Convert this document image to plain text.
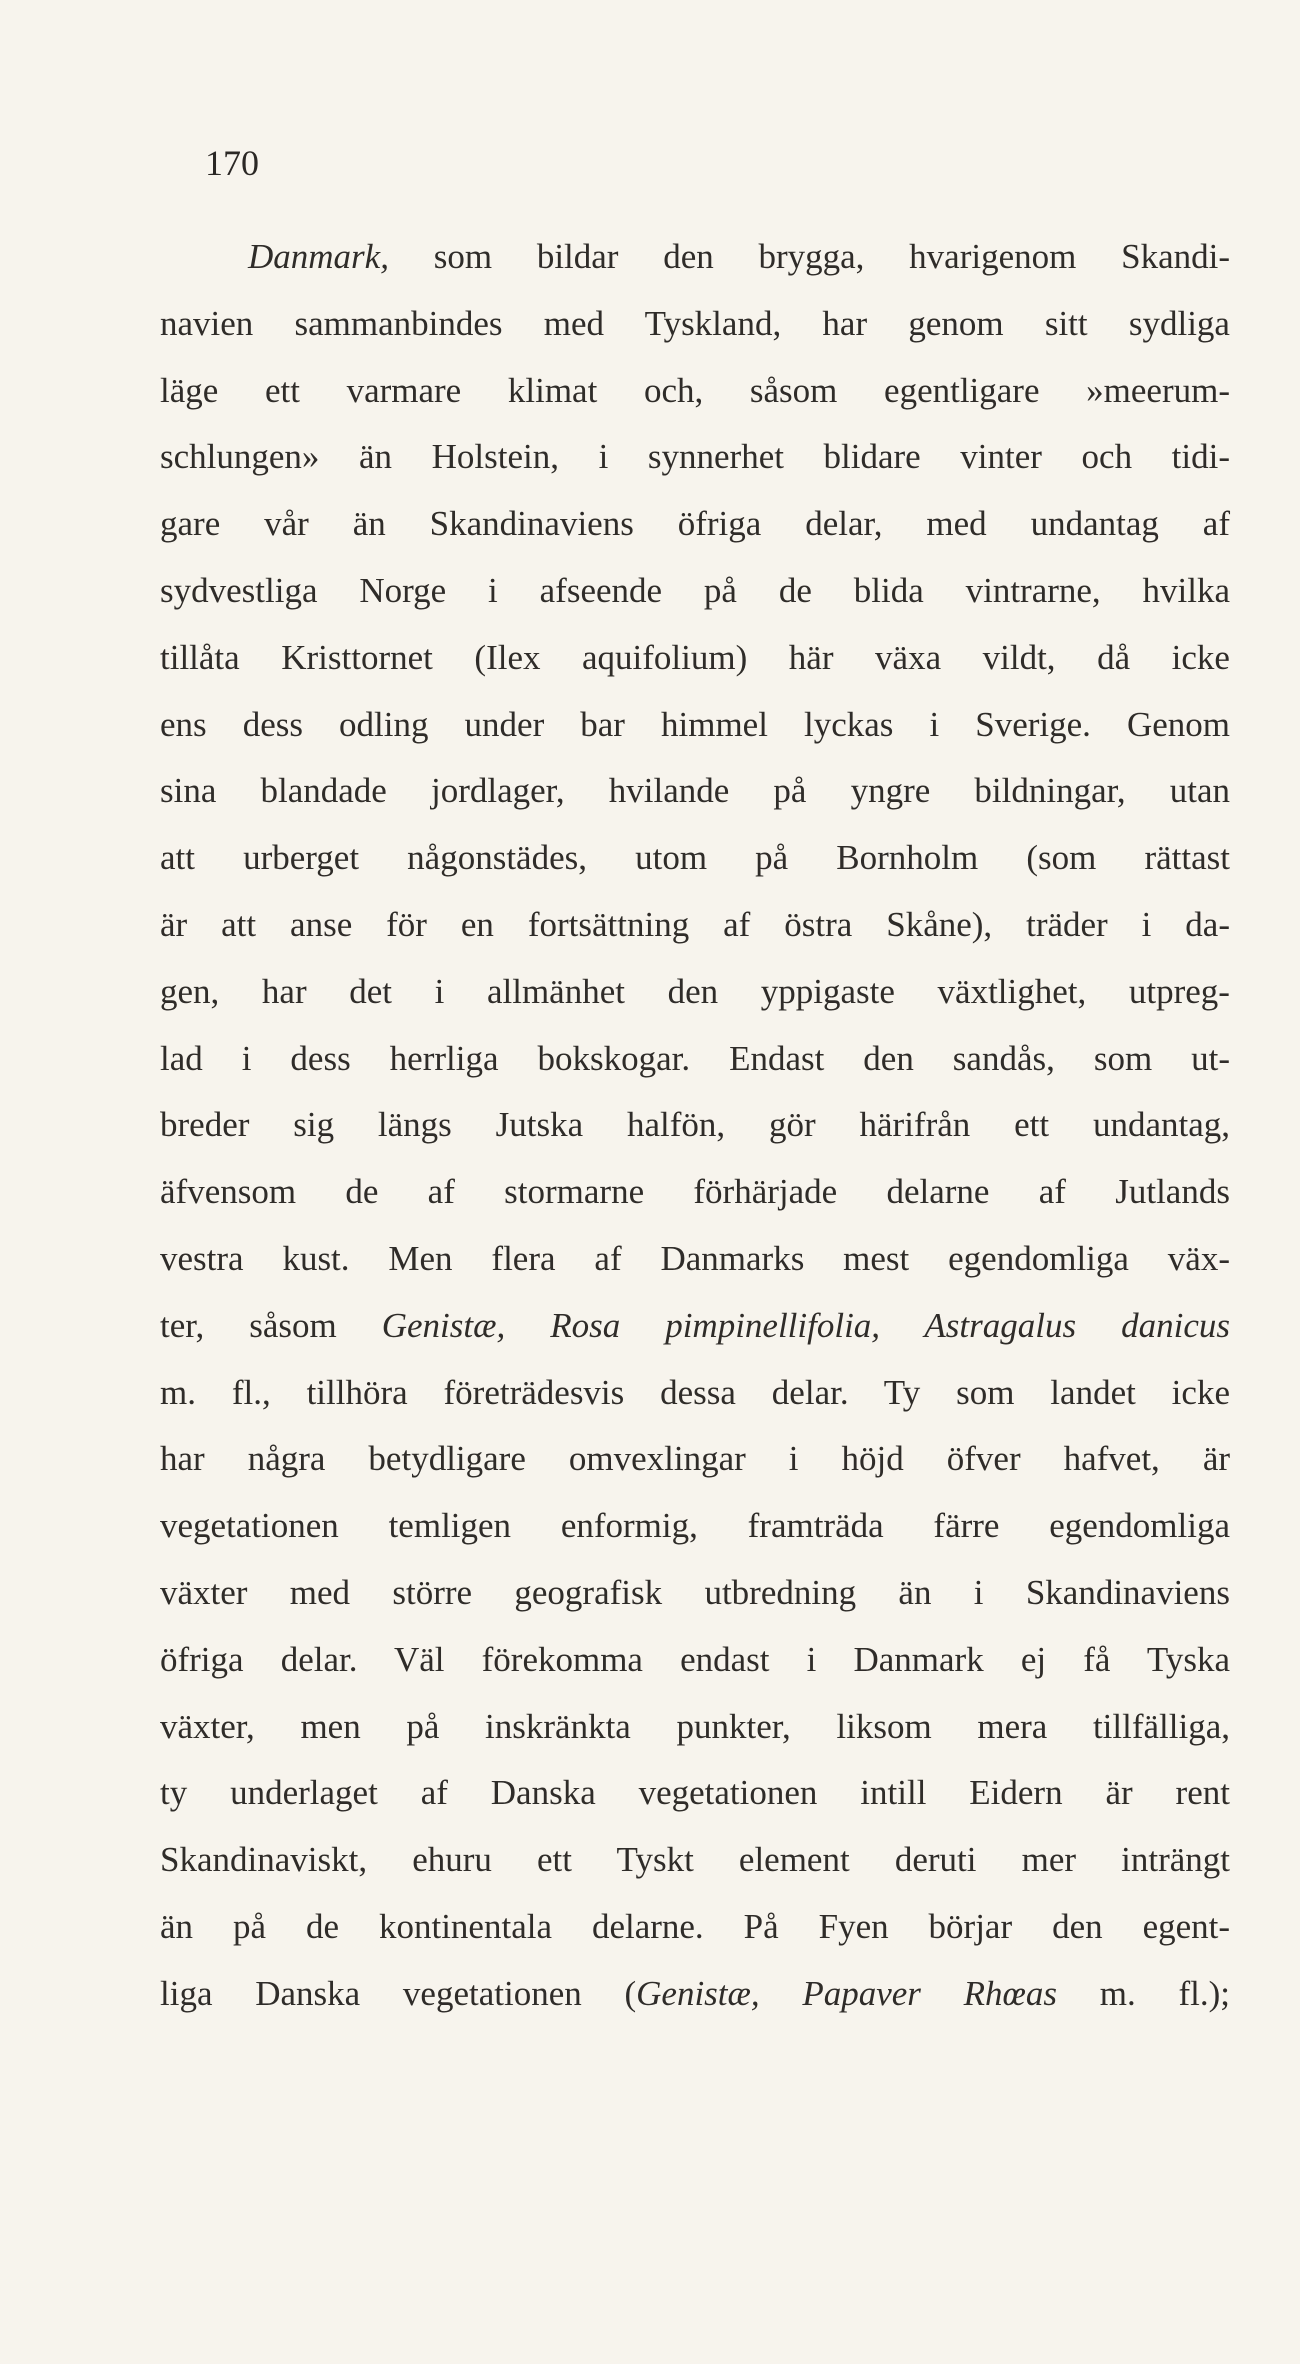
170
Danmark, som bildar den brygga, hvarigenom Skandi-
navien sammanbindes med Tyskland, har genom sitt sydliga
läge ett varmare klimat och, såsom egentligare »meerum-
schlungen» än Holstein, i synnerhet blidare vinter och tidi-
gare vår än Skandinaviens öfriga delar, med undantag af
sydvestliga Norge i afseende på de blida vintrarne, hvilka
tillåta Kristtornet (Ilex aquifolium) här växa vildt, då icke
ens dess odling under bar himmel lyckas i Sverige. Genom
sina blandade jordlager, hvilande på yngre bildningar, utan
att urberget någonstädes, utom på Bornholm (som rättast
är att anse för en fortsättning af östra Skåne), träder i da-
gen, har det i allmänhet den yppigaste växtlighet, utpreg-
lad i dess herrliga bokskogar. Endast den sandås, som ut-
breder sig längs Jutska halfön, gör härifrån ett undantag,
äfvensom de af stormarne förhärjade delarne af Jutlands
vestra kust. Men flera af Danmarks mest egendomliga väx-
ter, såsom Genistæ, Rosa pimpinellifolia, Astragalus danicus
m. fl., tillhöra företrädesvis dessa delar. Ty som landet icke
har några betydligare omvexlingar i höjd öfver hafvet, är
vegetationen temligen enformig, framträda färre egendomliga
växter med större geografisk utbredning än i Skandinaviens
öfriga delar. Väl förekomma endast i Danmark ej få Tyska
växter, men på inskränkta punkter, liksom mera tillfälliga,
ty underlaget af Danska vegetationen intill Eidern är rent
Skandinaviskt, ehuru ett Tyskt element deruti mer inträngt
än på de kontinentala delarne. På Fyen börjar den egent-
liga Danska vegetationen (Genistæ, Papaver Rhœas m. fl.);
